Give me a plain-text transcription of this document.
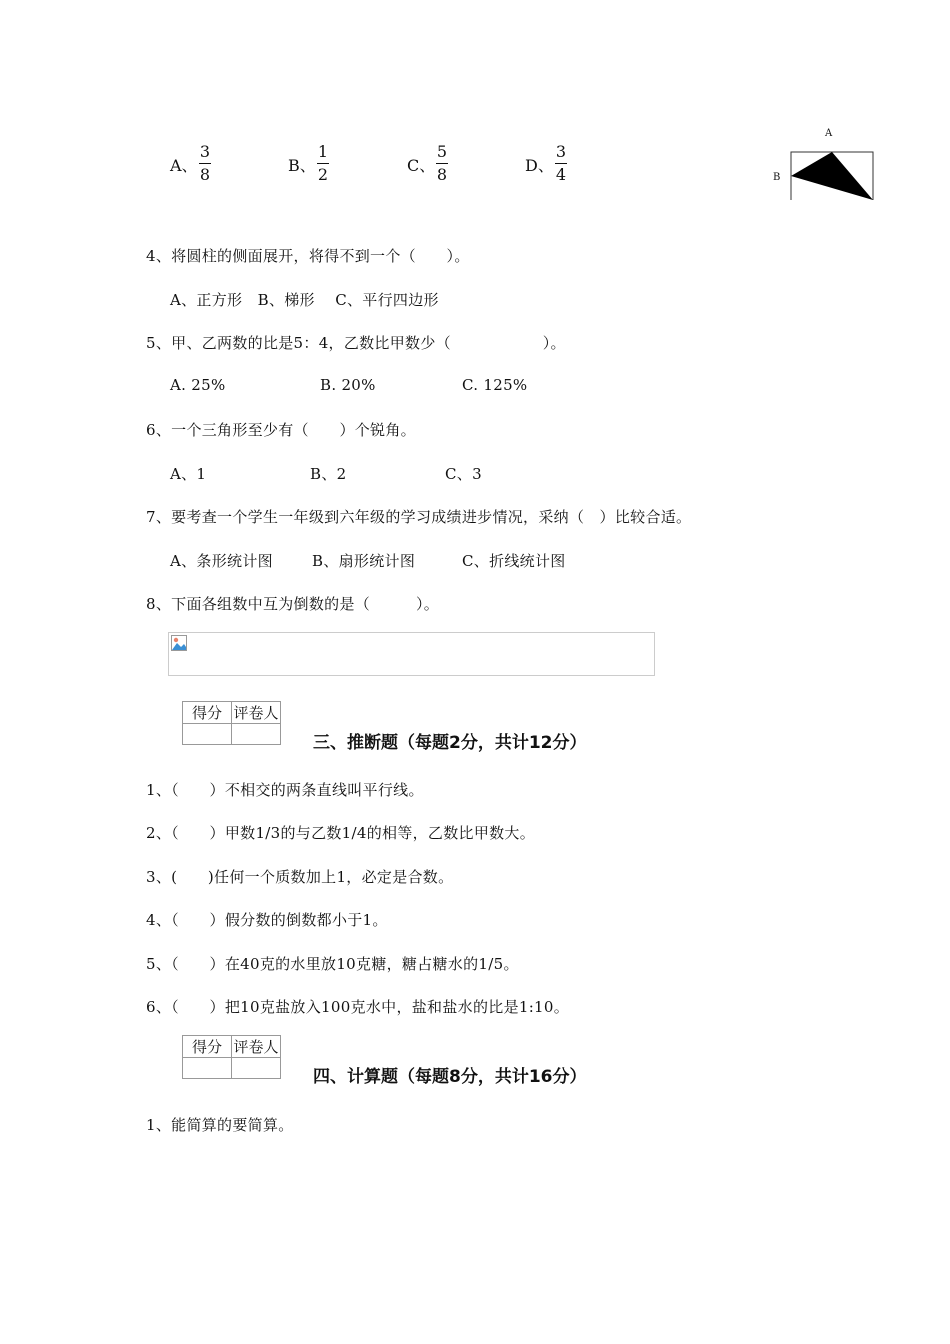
A、
3
8	B、
1
2	C、
5
8	D、
3
4
A
B
4、将圆柱的侧面展开，将得不到一个（　　）。
A、正方形　B、梯形　 C、平行四边形
5、甲、乙两数的比是5：4，乙数比甲数少（　　　　　　）。
A. 25%	B. 20%	C. 125%
6、一个三角形至少有（　　）个锐角。
A、1	B、2	C、3
7、要考查一个学生一年级到六年级的学习成绩进步情况，采纳（　）比较合适。
A、条形统计图	B、扇形统计图	C、折线统计图
8、下面各组数中互为倒数的是（　　　）。
得分	评卷人

三、推断题（每题2分，共计12分）
1、（　　）不相交的两条直线叫平行线。
2、（　　）甲数1/3的与乙数1/4的相等，乙数比甲数大。
3、(　　)任何一个质数加上1，必定是合数。
4、（　　）假分数的倒数都小于1。
5、（　　）在40克的水里放10克糖，糖占糖水的1/5。
6、（　　）把10克盐放入100克水中，盐和盐水的比是1:10。
得分	评卷人

四、计算题（每题8分，共计16分）
1、能简算的要简算。
